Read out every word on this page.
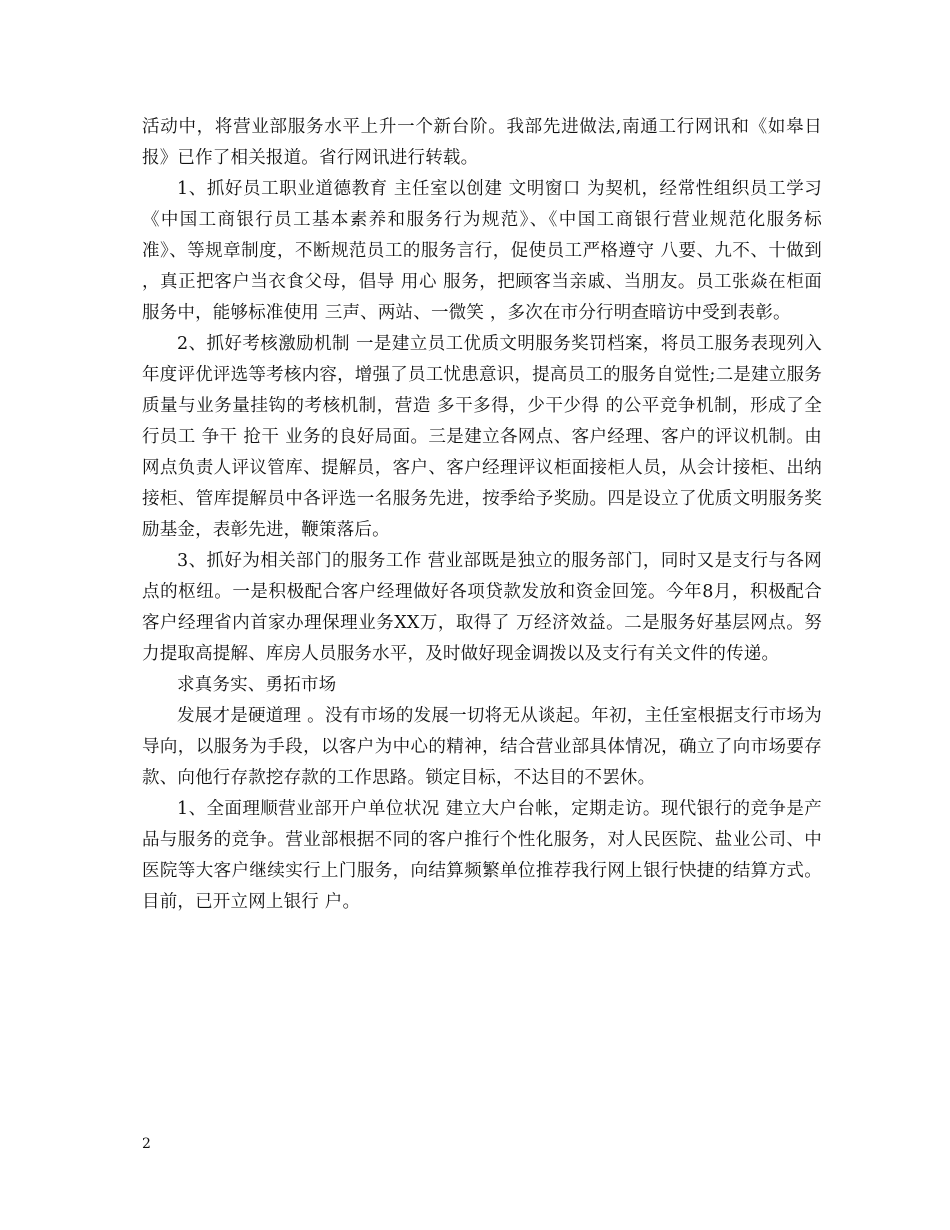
活动中，将营业部服务水平上升一个新台阶。我部先进做法,南通工行网讯和《如皋日报》已作了相关报道。省行网讯进行转载。

1、抓好员工职业道德教育 主任室以创建 文明窗口 为契机，经常性组织员工学习《中国工商银行员工基本素养和服务行为规范》、《中国工商银行营业规范化服务标准》、等规章制度，不断规范员工的服务言行，促使员工严格遵守 八要、九不、十做到 ，真正把客户当衣食父母，倡导 用心 服务，把顾客当亲戚、当朋友。员工张焱在柜面服务中，能够标准使用 三声、两站、一微笑 ，多次在市分行明查暗访中受到表彰。

2、抓好考核激励机制 一是建立员工优质文明服务奖罚档案，将员工服务表现列入年度评优评选等考核内容，增强了员工忧患意识，提高员工的服务自觉性;二是建立服务质量与业务量挂钩的考核机制，营造 多干多得，少干少得 的公平竞争机制，形成了全行员工 争干 抢干 业务的良好局面。三是建立各网点、客户经理、客户的评议机制。由网点负责人评议管库、提解员，客户、客户经理评议柜面接柜人员，从会计接柜、出纳接柜、管库提解员中各评选一名服务先进，按季给予奖励。四是设立了优质文明服务奖励基金，表彰先进，鞭策落后。

3、抓好为相关部门的服务工作 营业部既是独立的服务部门，同时又是支行与各网点的枢纽。一是积极配合客户经理做好各项贷款发放和资金回笼。今年8月，积极配合客户经理省内首家办理保理业务XX万，取得了 万经济效益。二是服务好基层网点。努力提取高提解、库房人员服务水平，及时做好现金调拨以及支行有关文件的传递。

求真务实、勇拓市场

发展才是硬道理 。没有市场的发展一切将无从谈起。年初，主任室根据支行市场为导向，以服务为手段，以客户为中心的精神，结合营业部具体情况，确立了向市场要存款、向他行存款挖存款的工作思路。锁定目标，不达目的不罢休。

1、全面理顺营业部开户单位状况 建立大户台帐，定期走访。现代银行的竞争是产品与服务的竞争。营业部根据不同的客户推行个性化服务，对人民医院、盐业公司、中医院等大客户继续实行上门服务，向结算频繁单位推荐我行网上银行快捷的结算方式。目前，已开立网上银行 户。

2
